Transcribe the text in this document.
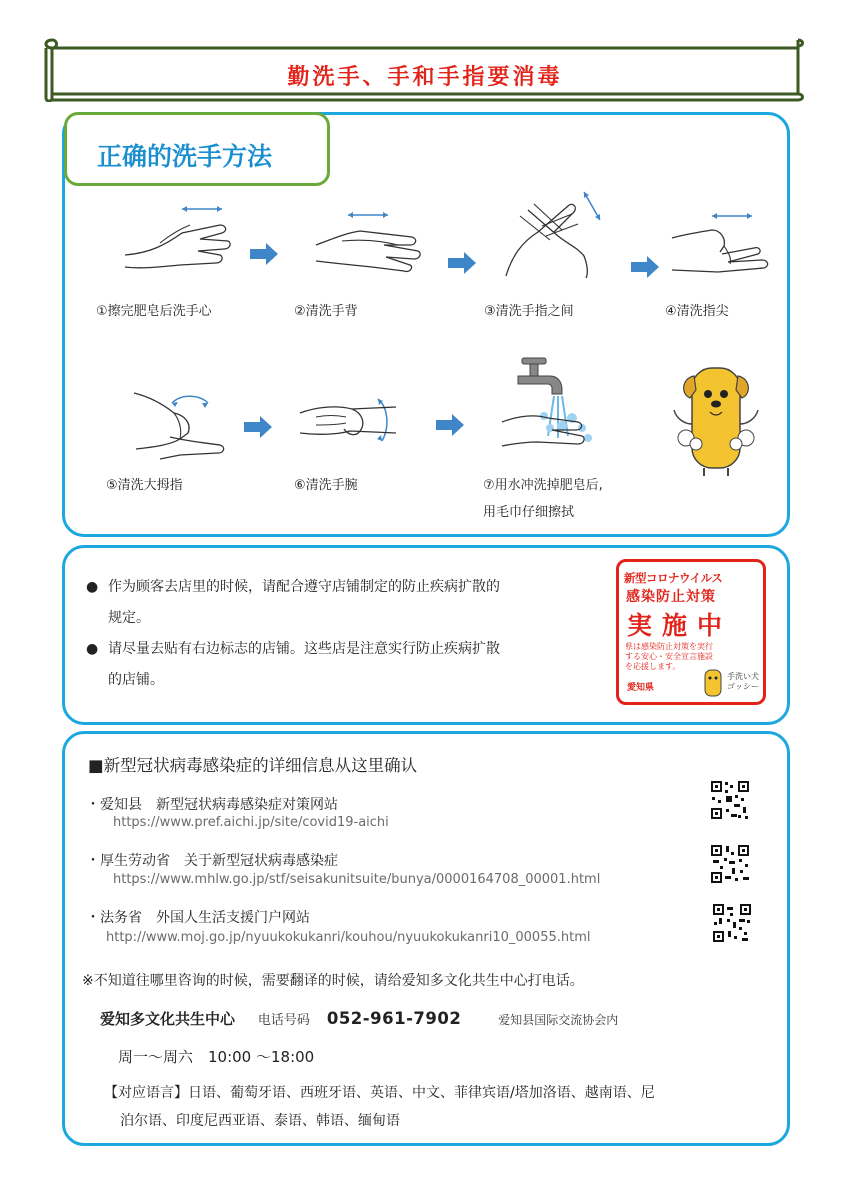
勤洗手、手和手指要消毒
正确的洗手方法
①擦完肥皂后洗手心	②清洗手背	③清洗手指之间	④清洗指尖
⑤清洗大拇指	⑥清洗手腕	⑦用水冲洗掉肥皂后,
用毛巾仔细擦拭
● 作为顾客去店里的时候，请配合遵守店铺制定的防止疾病扩散的
规定。
● 请尽量去贴有右边标志的店铺。这些店是注意实行防止疾病扩散
的店铺。
新型コロナウイルス
感染防止対策
実施中
県は感染防止対策を実行
する安心・安全宣言施設
を応援します。
愛知県
手洗い犬
ゴッシー
■新型冠状病毒感染症的详细信息从这里确认
・爱知县　新型冠状病毒感染症对策网站
https://www.pref.aichi.jp/site/covid19-aichi
・厚生劳动省　关于新型冠状病毒感染症
https://www.mhlw.go.jp/stf/seisakunitsuite/bunya/0000164708_00001.html
・法务省　外国人生活支援门户网站
http://www.moj.go.jp/nyuukokukanri/kouhou/nyuukokukanri10_00055.html
※不知道往哪里咨询的时候，需要翻译的时候，请给爱知多文化共生中心打电话。
爱知多文化共生中心 电话号码 052-961-7902	爱知县国际交流协会内
周一～周六　10:00 ～18:00
【对应语言】日语、葡萄牙语、西班牙语、英语、中文、菲律宾语/塔加洛语、越南语、尼
泊尔语、印度尼西亚语、泰语、韩语、缅甸语
